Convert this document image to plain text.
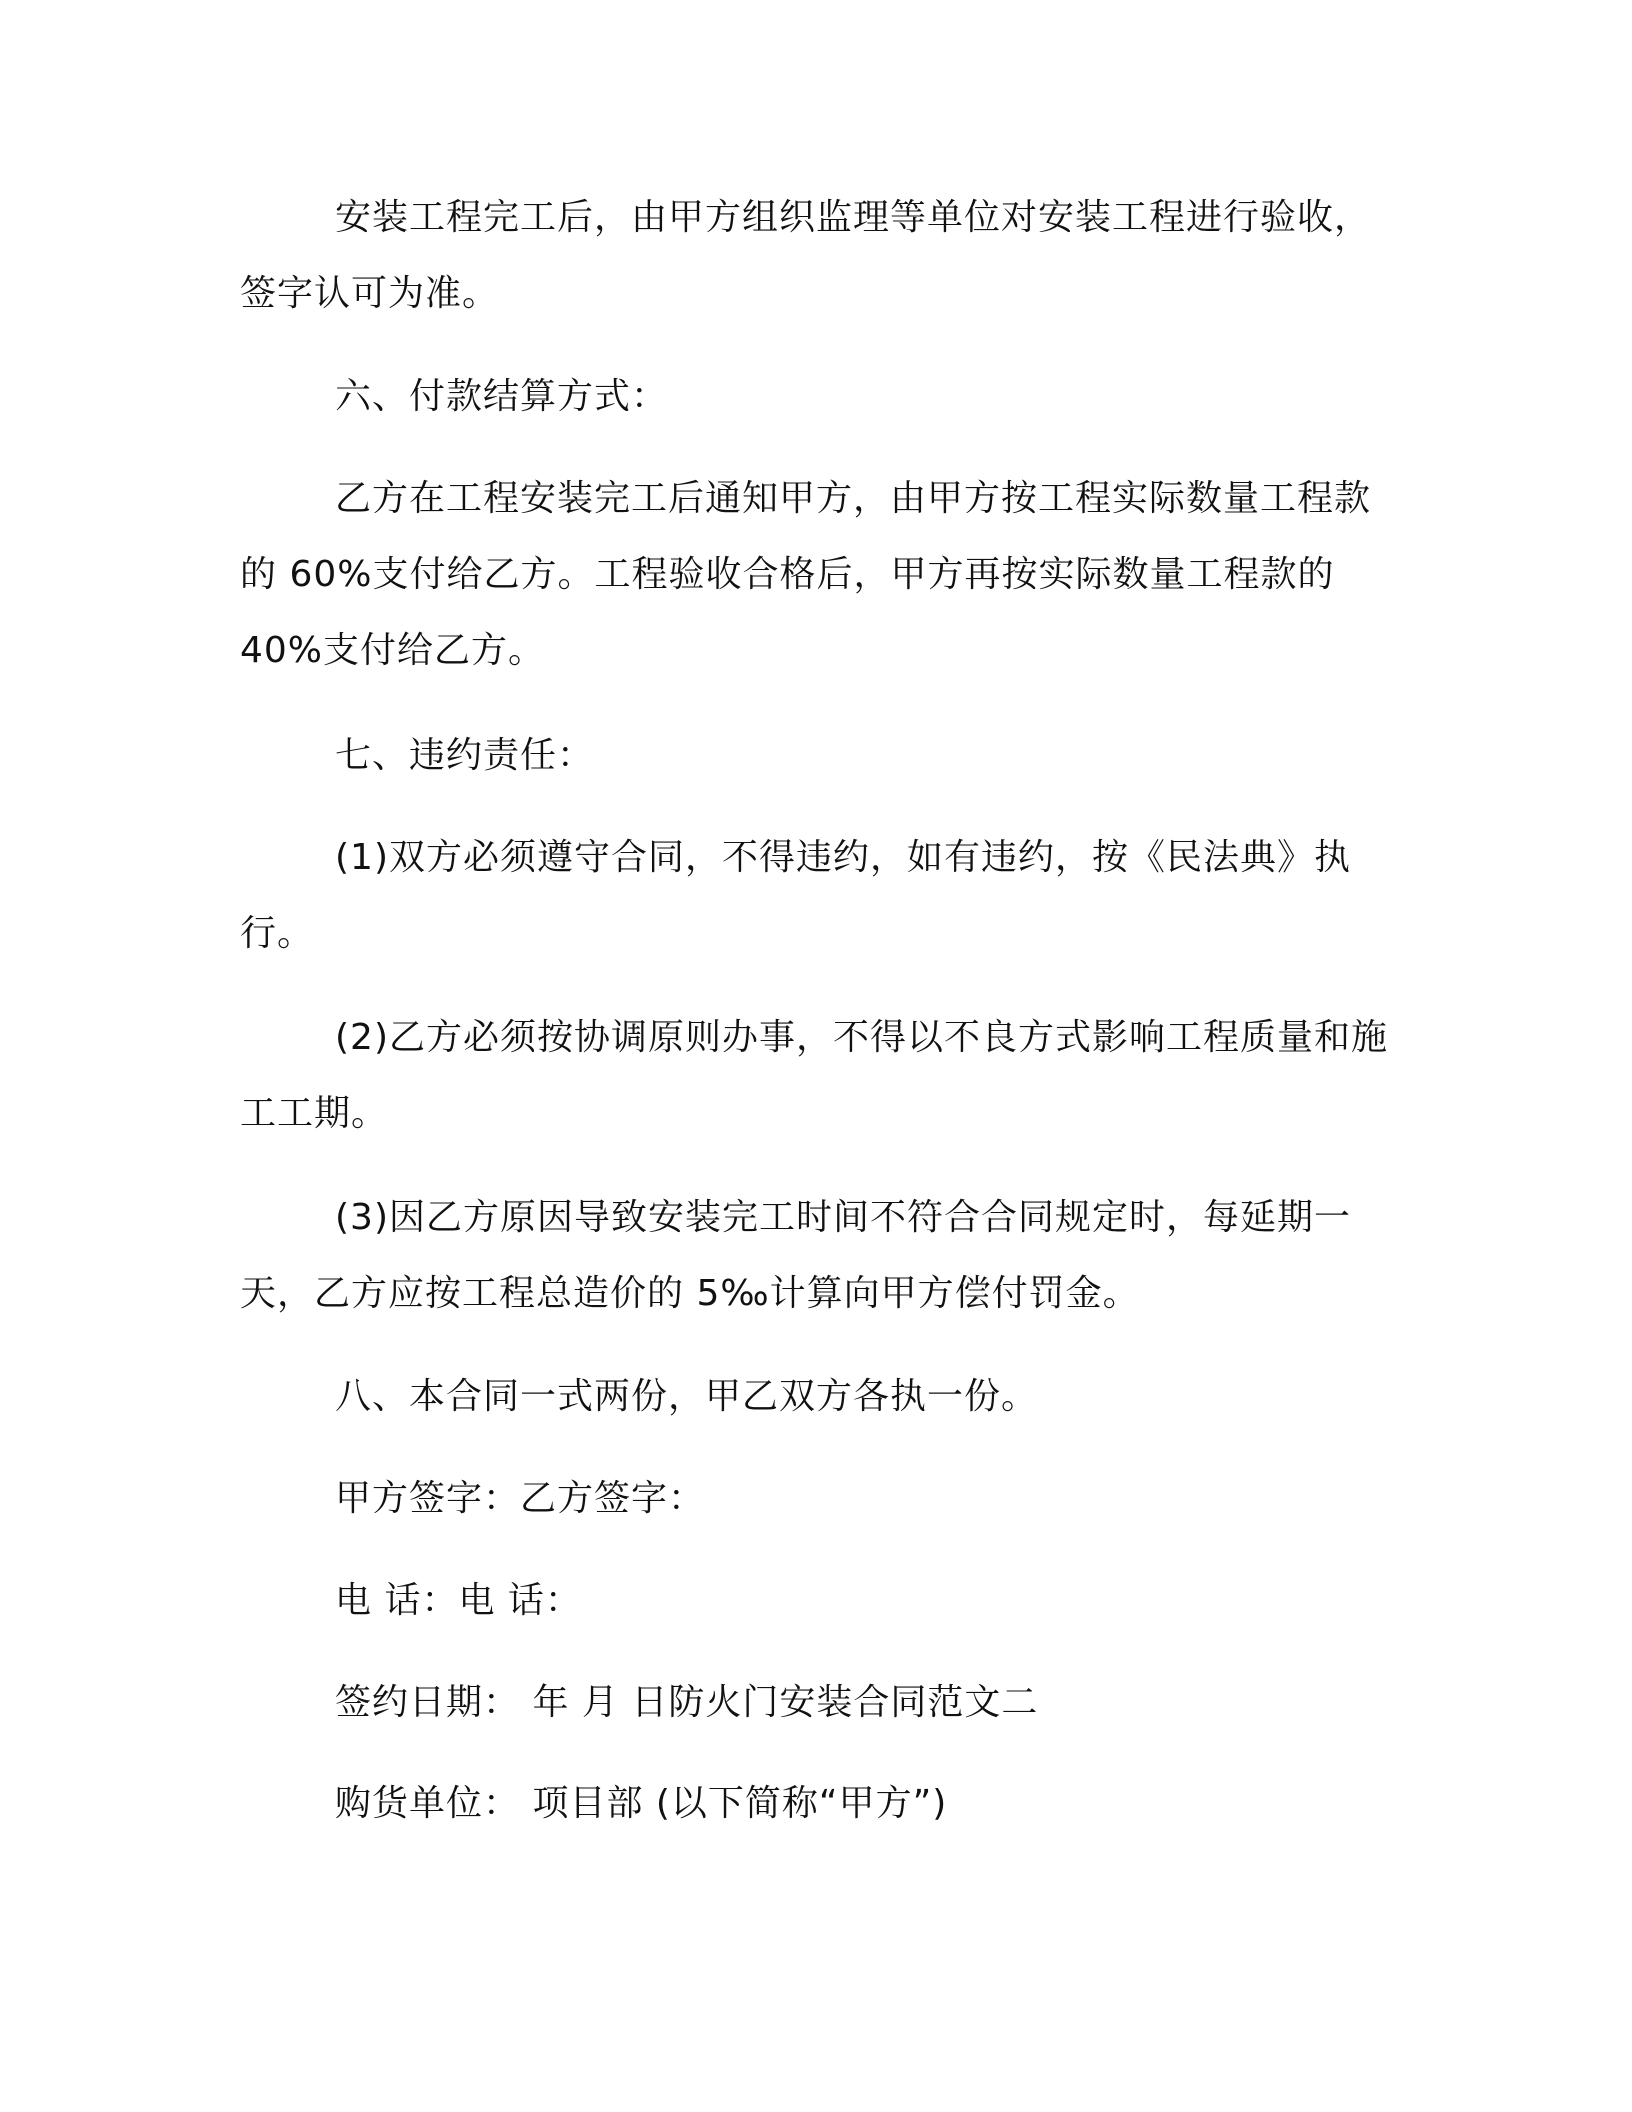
安装工程完工后，由甲方组织监理等单位对安装工程进行验收，
签字认可为准。
六、付款结算方式：
乙方在工程安装完工后通知甲方，由甲方按工程实际数量工程款
的 60%支付给乙方。工程验收合格后，甲方再按实际数量工程款的
40%支付给乙方。
七、违约责任：
(1)双方必须遵守合同，不得违约，如有违约，按《民法典》执
行。
(2)乙方必须按协调原则办事，不得以不良方式影响工程质量和施
工工期。
(3)因乙方原因导致安装完工时间不符合合同规定时，每延期一
天，乙方应按工程总造价的 5‰计算向甲方偿付罚金。
八、本合同一式两份，甲乙双方各执一份。
甲方签字：乙方签字：
电 话：电 话：
签约日期： 年 月 日防火门安装合同范文二
购货单位： 项目部 (以下简称“甲方”)
